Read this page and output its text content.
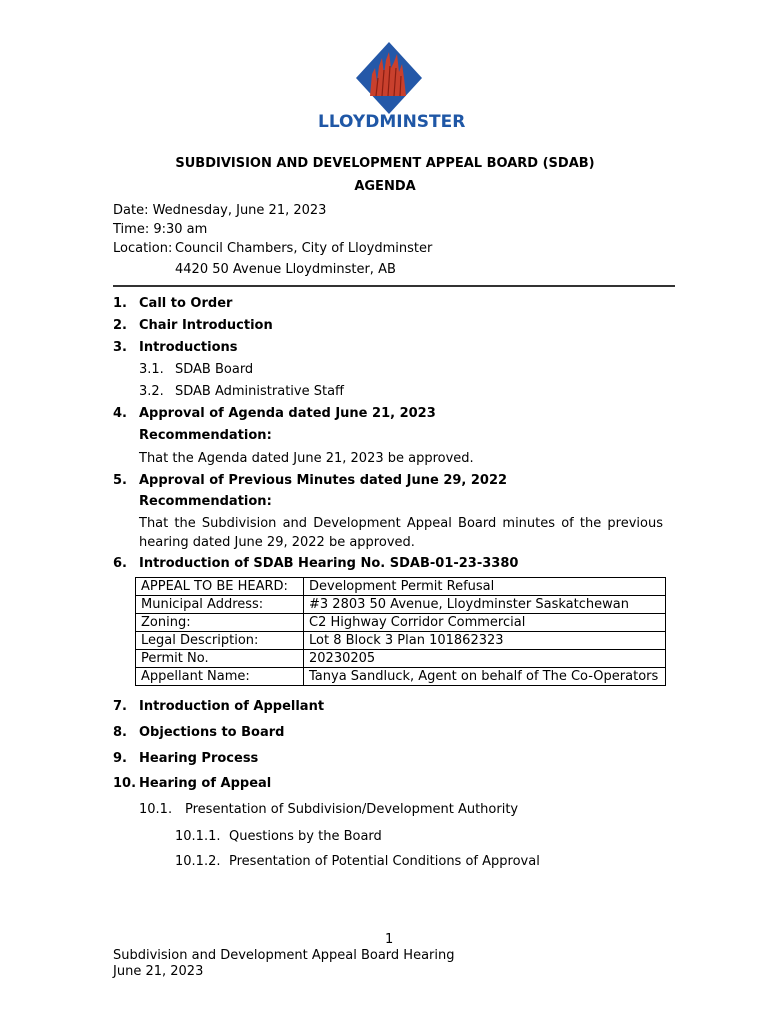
LLOYDMINSTER
SUBDIVISION AND DEVELOPMENT APPEAL BOARD (SDAB)
AGENDA
Date: Wednesday, June 21, 2023
Time: 9:30 am
Location: Council Chambers, City of Lloydminster
4420 50 Avenue Lloydminster, AB
1. Call to Order
2. Chair Introduction
3. Introductions
3.1. SDAB Board
3.2. SDAB Administrative Staff
4. Approval of Agenda dated June 21, 2023
Recommendation:
That the Agenda dated June 21, 2023 be approved.
5. Approval of Previous Minutes dated June 29, 2022
Recommendation:
That the Subdivision and Development Appeal Board minutes of the previous
hearing dated June 29, 2022 be approved.
6. Introduction of SDAB Hearing No. SDAB-01-23-3380
APPEAL TO BE HEARD:	Development Permit Refusal
Municipal Address:	#3 2803 50 Avenue, Lloydminster Saskatchewan
Zoning:	C2 Highway Corridor Commercial
Legal Description:	Lot 8 Block 3 Plan 101862323
Permit No.	20230205
Appellant Name:	Tanya Sandluck, Agent on behalf of The Co-Operators
7. Introduction of Appellant
8. Objections to Board
9. Hearing Process
10. Hearing of Appeal
10.1. Presentation of Subdivision/Development Authority
10.1.1. Questions by the Board
10.1.2. Presentation of Potential Conditions of Approval
1
Subdivision and Development Appeal Board Hearing
June 21, 2023
